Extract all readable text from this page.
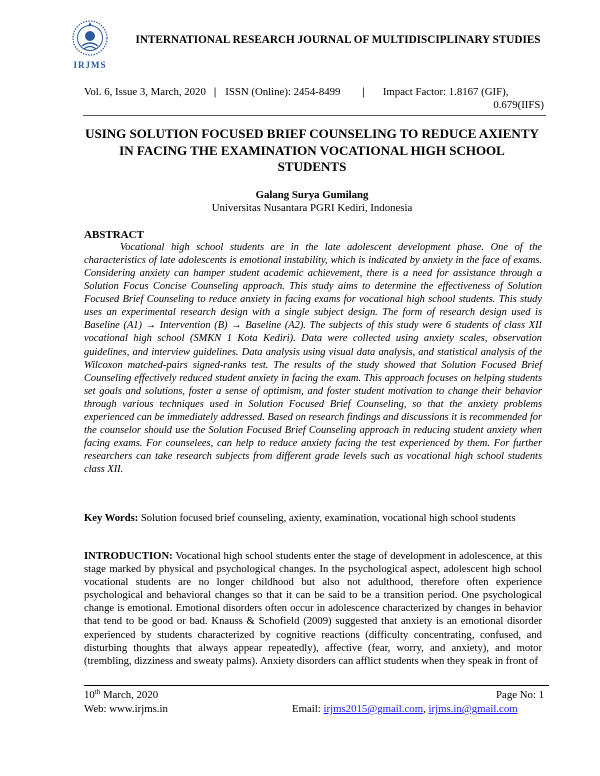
IRJMS
INTERNATIONAL RESEARCH JOURNAL OF MULTIDISCIPLINARY STUDIES
Vol. 6, Issue 3, March, 2020 | ISSN (Online): 2454-8499 | Impact Factor: 1.8167 (GIF),
0.679(IIFS)
USING SOLUTION FOCUSED BRIEF COUNSELING TO REDUCE AXIENTY IN FACING THE EXAMINATION VOCATIONAL HIGH SCHOOL STUDENTS
Galang Surya Gumilang
Universitas Nusantara PGRI Kediri, Indonesia
ABSTRACT

Vocational high school students are in the late adolescent development phase. One of the characteristics of late adolescents is emotional instability, which is indicated by anxiety in the face of exams. Considering anxiety can hamper student academic achievement, there is a need for assistance through a Solution Focus Concise Counseling approach. This study aims to determine the effectiveness of Solution Focused Brief Counseling to reduce anxiety in facing exams for vocational high school students. This study uses an experimental research design with a single subject design. The form of research design used is Baseline (A1) → Intervention (B) → Baseline (A2). The subjects of this study were 6 students of class XII vocational high school (SMKN 1 Kota Kediri). Data were collected using anxiety scales, observation guidelines, and interview guidelines. Data analysis using visual data analysis, and statistical analysis of the Wilcoxon matched-pairs signed-ranks test. The results of the study showed that Solution Focused Brief Counseling effectively reduced student anxiety in facing the exam. This approach focuses on helping students set goals and solutions, foster a sense of optimism, and foster student motivation to change their behavior through various techniques used in Solution Focused Brief Counseling, so that the anxiety problems experienced can be immediately addressed. Based on research findings and discussions it is recommended for the counselor should use the Solution Focused Brief Counseling approach in reducing student anxiety when facing exams. For counselees, can help to reduce anxiety facing the test experienced by them. For further researchers can take research subjects from different grade levels such as vocational high school students class XII.

Key Words: Solution focused brief counseling, axienty, examination, vocational high school students

INTRODUCTION: Vocational high school students enter the stage of development in adolescence, at this stage marked by physical and psychological changes. In the psychological aspect, adolescent high school vocational students are no longer childhood but also not adulthood, therefore often experience psychological and behavioral changes so that it can be said to be a transition period. One psychological change is emotional. Emotional disorders often occur in adolescence characterized by changes in behavior that tend to be good or bad. Knauss & Schofield (2009) suggested that anxiety is an emotional disorder experienced by students characterized by cognitive reactions (difficulty concentrating, confused, and disturbing thoughts that always appear repeatedly), affective (fear, worry, and anxiety), and motor (trembling, dizziness and sweaty palms). Anxiety disorders can afflict students when they speak in front of

10th March, 2020	Page No: 1
Web: www.irjms.in	Email: irjms2015@gmail.com, irjms.in@gmail.com
